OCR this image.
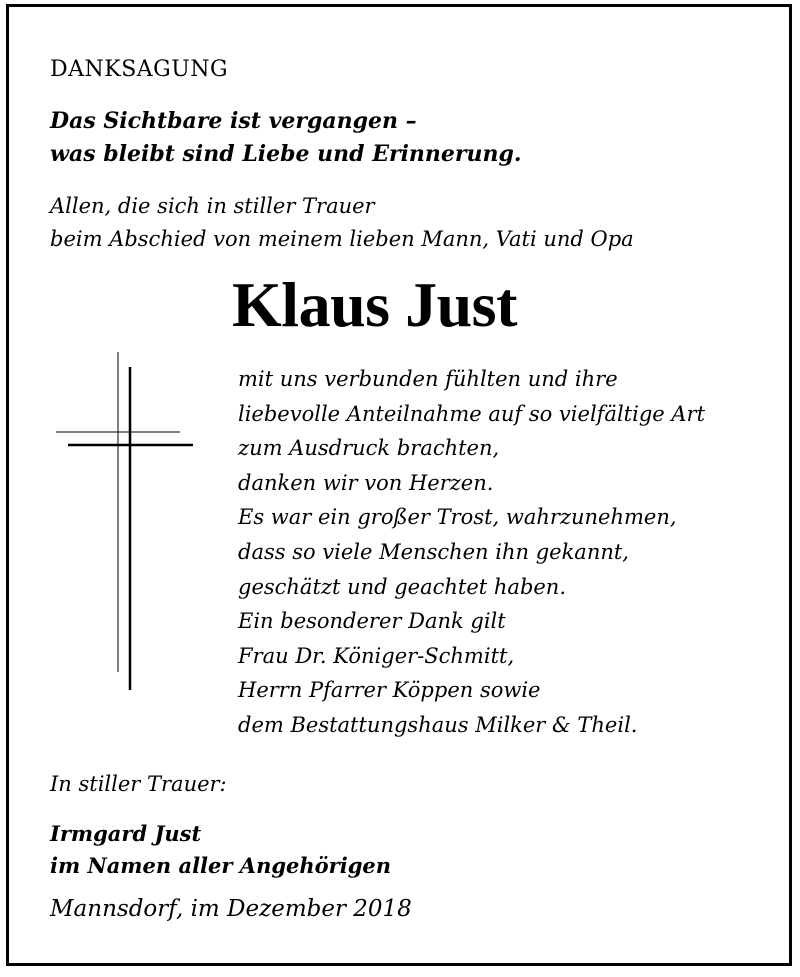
DANKSAGUNG
Das Sichtbare ist vergangen –
was bleibt sind Liebe und Erinnerung.
Allen, die sich in stiller Trauer
beim Abschied von meinem lieben Mann, Vati und Opa
Klaus Just
mit uns verbunden fühlten und ihre
liebevolle Anteilnahme auf so vielfältige Art
zum Ausdruck brachten,
danken wir von Herzen.
Es war ein großer Trost, wahrzunehmen,
dass so viele Menschen ihn gekannt,
geschätzt und geachtet haben.
Ein besonderer Dank gilt
Frau Dr. Königer-Schmitt,
Herrn Pfarrer Köppen sowie
dem Bestattungshaus Milker & Theil.
In stiller Trauer:
Irmgard Just
im Namen aller Angehörigen
Mannsdorf, im Dezember 2018
